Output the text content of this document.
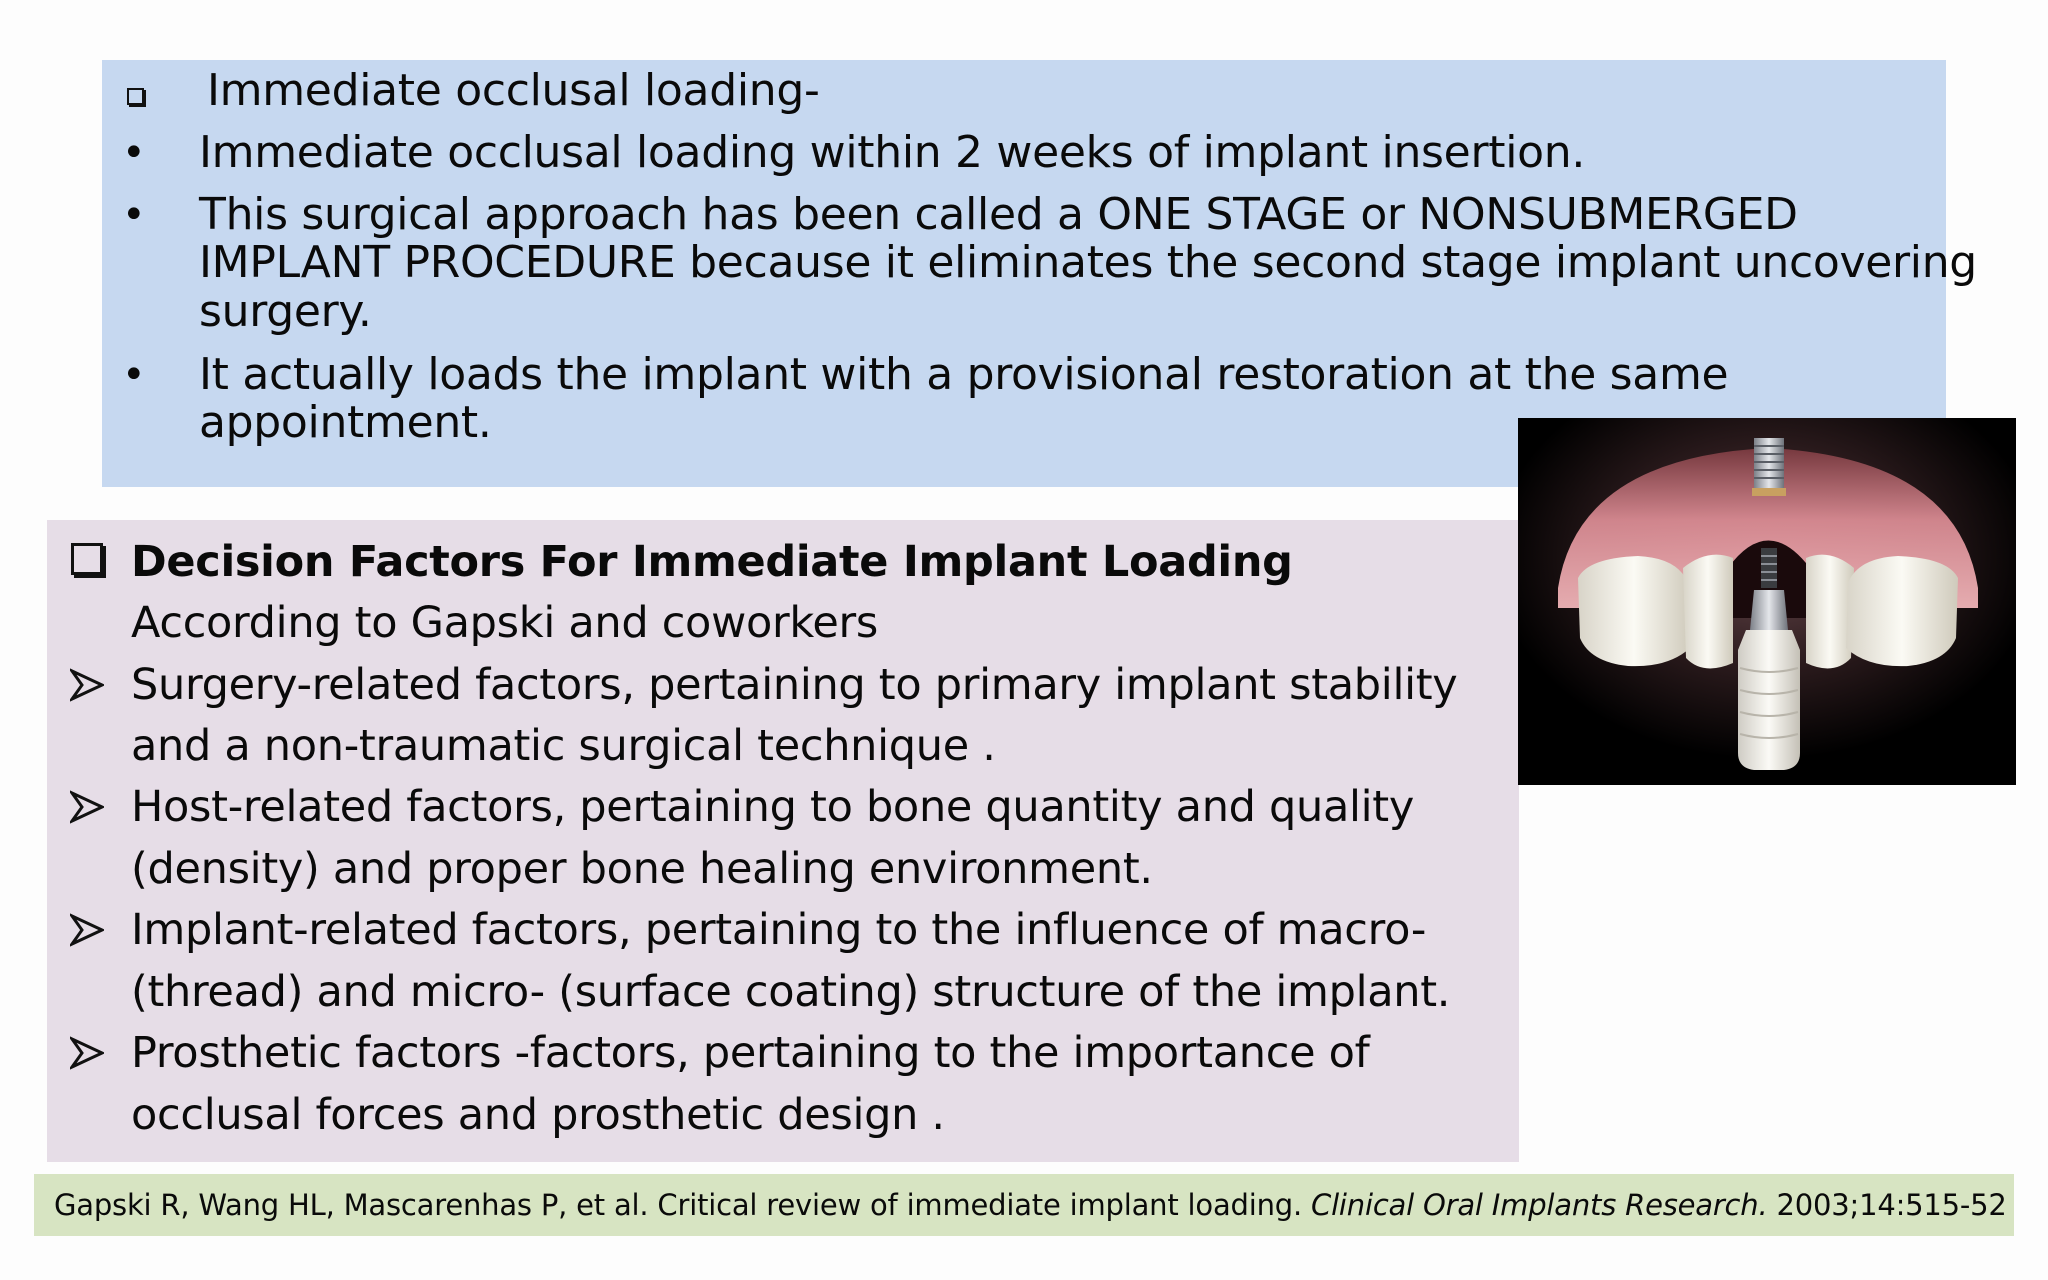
Immediate occlusal loading-
• Immediate occlusal loading within 2 weeks of implant insertion.
• This surgical approach has been called a ONE STAGE or NONSUBMERGED
IMPLANT PROCEDURE because it eliminates the second stage implant uncovering
surgery.
• It actually loads the implant with a provisional restoration at the same
appointment.
Decision Factors For Immediate Implant Loading
According to Gapski and coworkers
Surgery-related factors, pertaining to primary implant stability
and a non-traumatic surgical technique .
Host-related factors, pertaining to bone quantity and quality
(density) and proper bone healing environment.
Implant-related factors, pertaining to the influence of macro-
(thread) and micro- (surface coating) structure of the implant.
Prosthetic factors -factors, pertaining to the importance of
occlusal forces and prosthetic design .
Gapski R, Wang HL, Mascarenhas P, et al. Critical review of immediate implant loading. Clinical Oral Implants Research. 2003;14:515-52
